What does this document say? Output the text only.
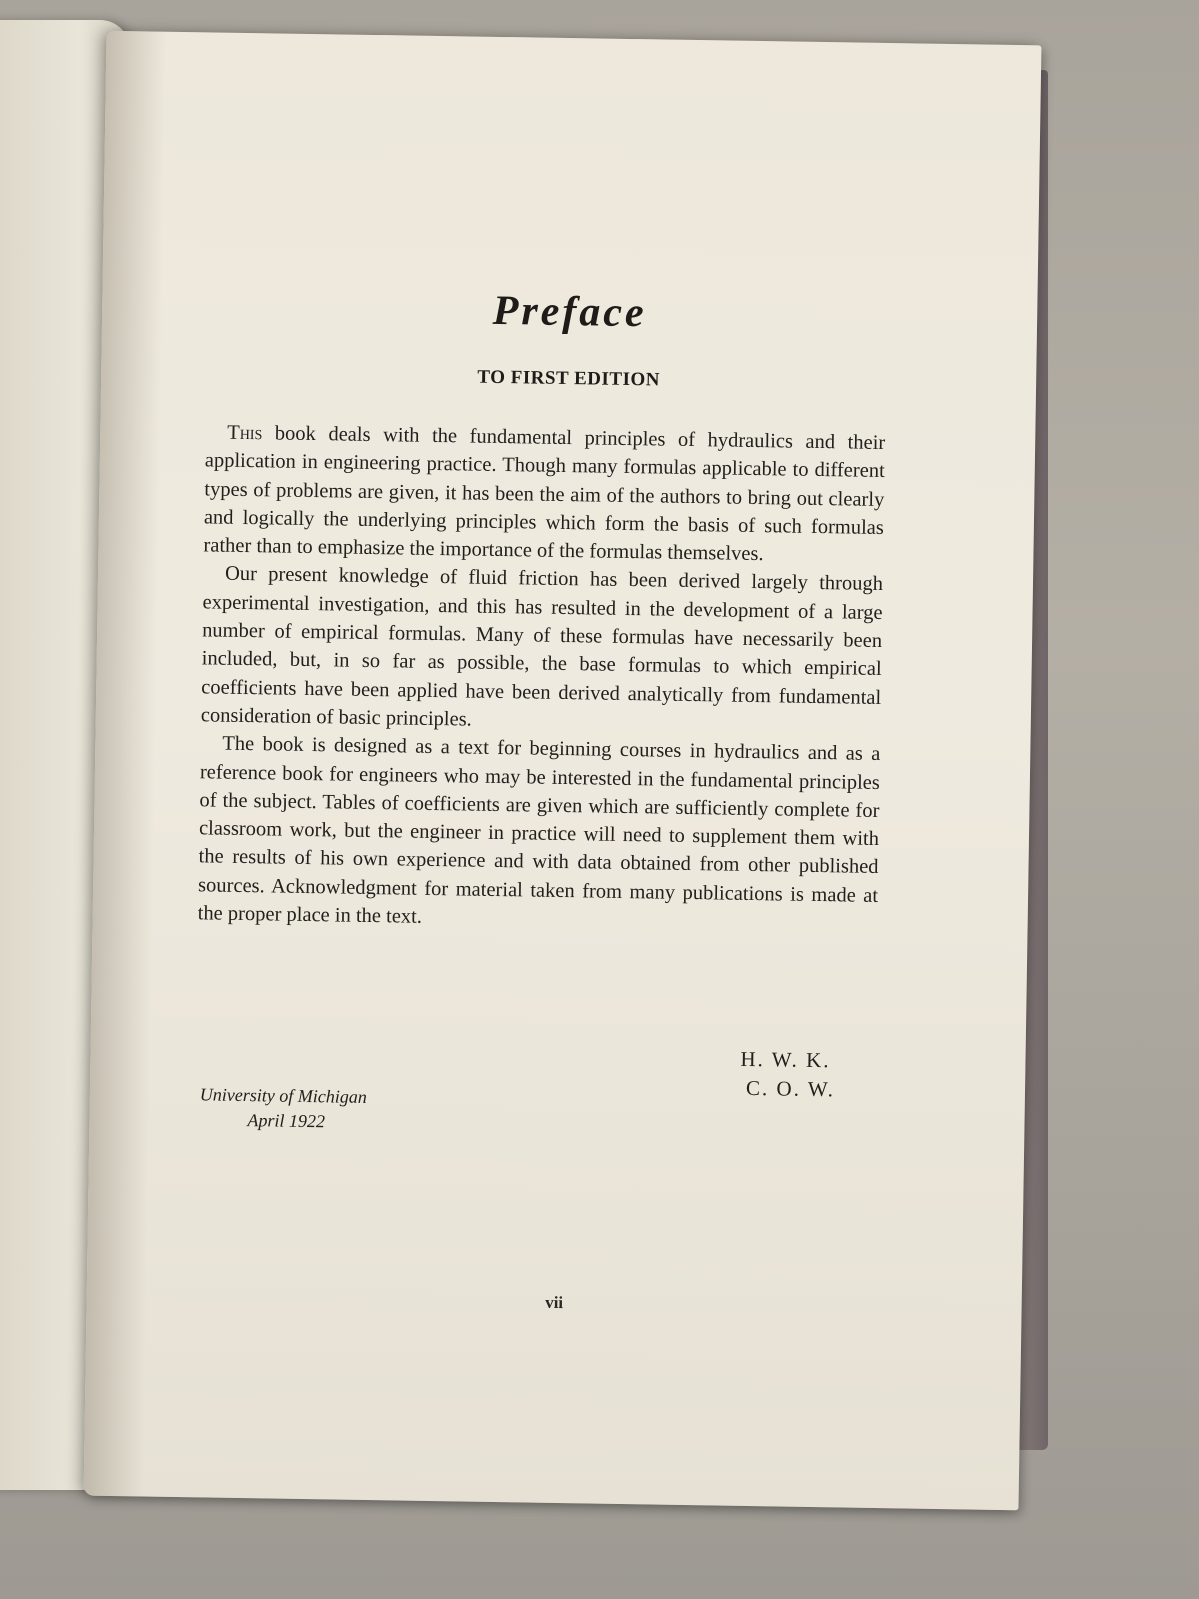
Preface
TO FIRST EDITION

This book deals with the fundamental principles of hydraulics and their application in engineering practice. Though many formulas applicable to different types of problems are given, it has been the aim of the authors to bring out clearly and logically the underlying principles which form the basis of such formulas rather than to emphasize the importance of the formulas themselves.

Our present knowledge of fluid friction has been derived largely through experimental investigation, and this has resulted in the development of a large number of empirical formulas. Many of these formulas have necessarily been included, but, in so far as possible, the base formulas to which empirical coefficients have been applied have been derived analytically from fundamental consideration of basic principles.

The book is designed as a text for beginning courses in hydraulics and as a reference book for engineers who may be interested in the fundamental principles of the subject. Tables of coefficients are given which are sufficiently complete for classroom work, but the engineer in practice will need to supplement them with the results of his own experience and with data obtained from other published sources. Acknowledgment for material taken from many publications is made at the proper place in the text.

H. W. K.
C. O. W.
University of Michigan
April 1922
vii
